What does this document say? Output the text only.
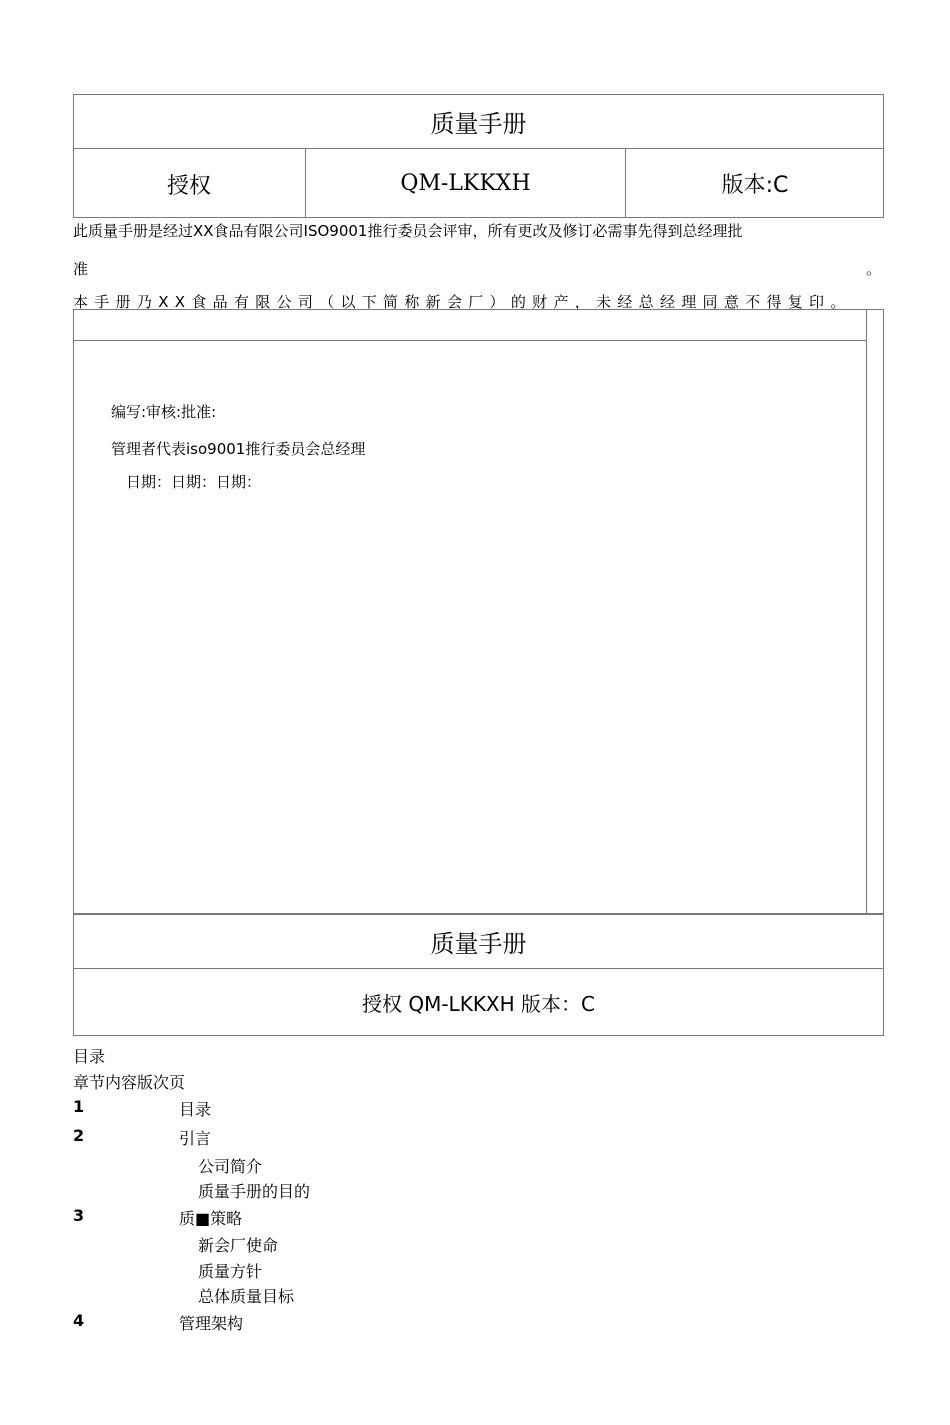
质量手册
授权	QM-LKKXH	版本:C
此质量手册是经过XX食品有限公司ISO9001推行委员会评审，所有更改及修订必需事先得到总经理批
准	。
本手册乃XX食品有限公司（以下简称新会厂）的财产，未经总经理同意不得复印。
编写:审核:批准:
管理者代表iso9001推行委员会总经理
日期：日期：日期：
质量手册
授权 QM-LKKXH 版本：C
目录
章节内容版次页
1	目录
2	引言
公司简介
质量手册的目的
3	质■策略
新会厂使命
质量方针
总体质量目标
4	管理架构
